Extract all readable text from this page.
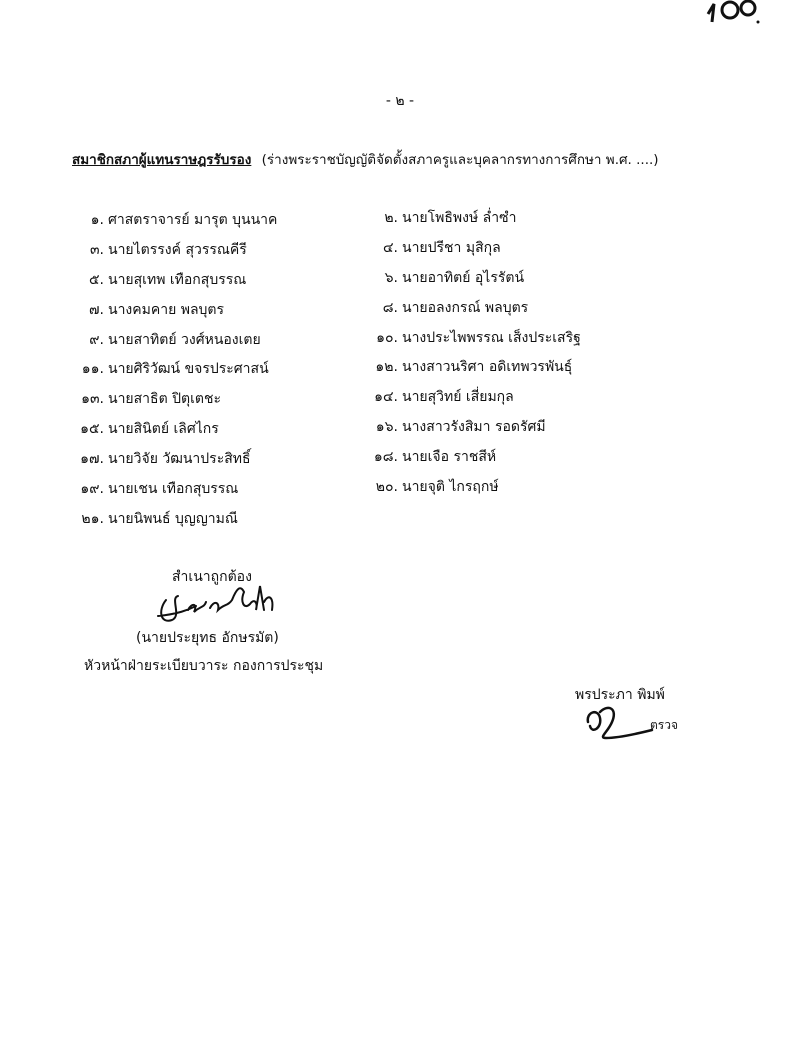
- ๒ -
สมาชิกสภาผู้แทนราษฎรรับรอง (ร่างพระราชบัญญัติจัดตั้งสภาครูและบุคลากรทางการศึกษา พ.ศ. ....)
๑. ศาสตราจารย์ มารุต บุนนาค
๓. นายไตรรงค์ สุวรรณคีรี
๕. นายสุเทพ เทือกสุบรรณ
๗. นางคมคาย พลบุตร
๙. นายสาทิตย์ วงศ์หนองเตย
๑๑. นายศิริวัฒน์ ขจรประศาสน์
๑๓. นายสาธิต ปิตุเตชะ
๑๕. นายสินิตย์ เลิศไกร
๑๗. นายวิจัย วัฒนาประสิทธิ์
๑๙. นายเชน เทือกสุบรรณ
๒๑. นายนิพนธ์ บุญญามณี
๒. นายโพธิพงษ์ ล่ำซำ
๔. นายปรีชา มุสิกุล
๖. นายอาทิตย์ อุไรรัตน์
๘. นายอลงกรณ์ พลบุตร
๑๐. นางประไพพรรณ เส็งประเสริฐ
๑๒. นางสาวนริศา อดิเทพวรพันธุ์
๑๔. นายสุวิทย์ เสี่ยมกุล
๑๖. นางสาวรังสิมา รอดรัศมี
๑๘. นายเจือ ราชสีห์
๒๐. นายจุติ ไกรฤกษ์
สำเนาถูกต้อง
(นายประยุทธ อักษรมัต)
หัวหน้าฝ่ายระเบียบวาระ กองการประชุม
พรประภา พิมพ์
ตรวจ
